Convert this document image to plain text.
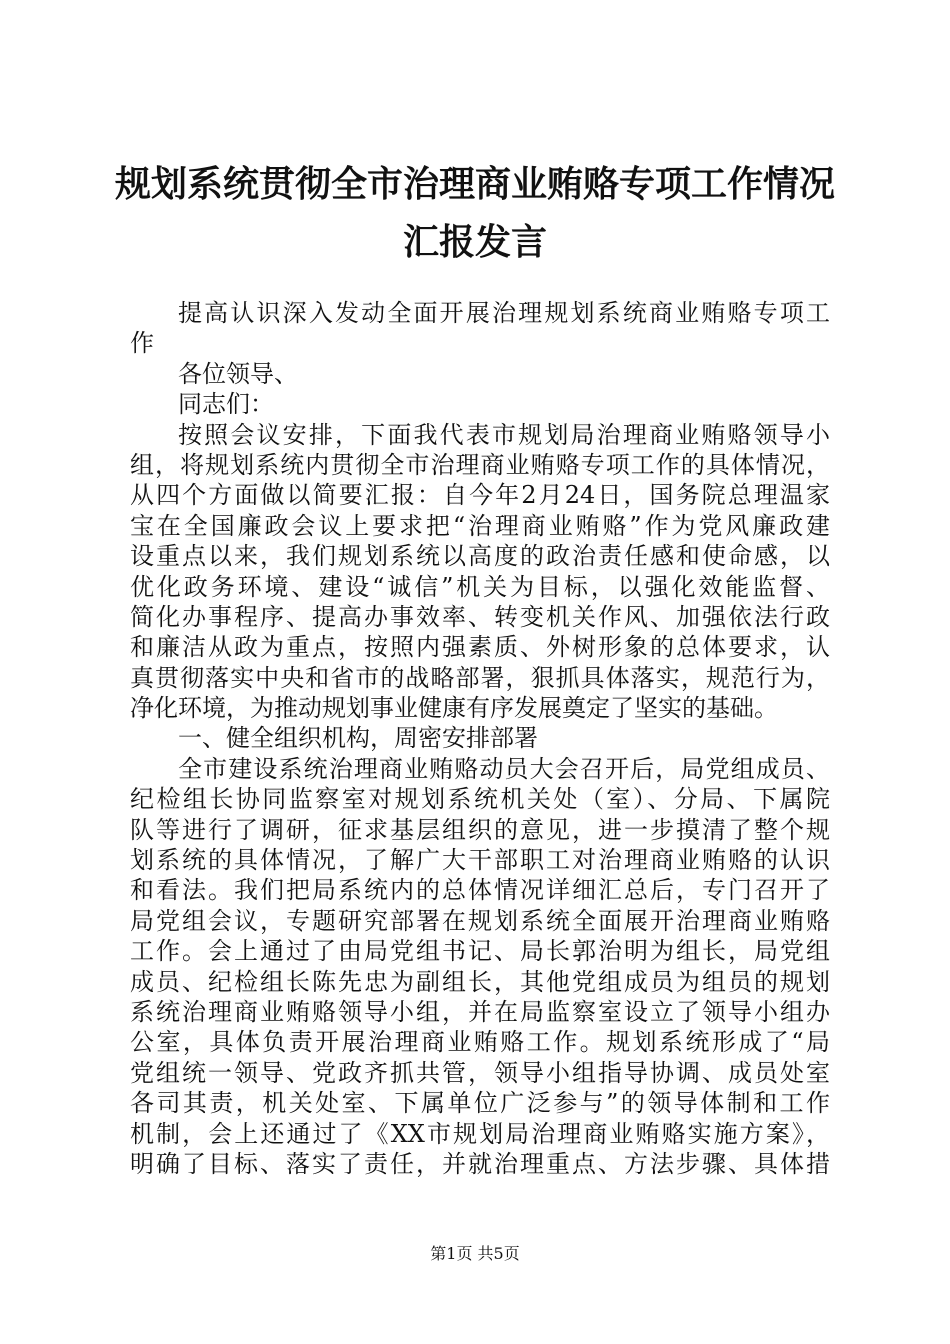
规划系统贯彻全市治理商业贿赂专项工作情况
汇报发言
提高认识深入发动全面开展治理规划系统商业贿赂专项工
作
各位领导、
同志们：
按照会议安排，下面我代表市规划局治理商业贿赂领导小
组，将规划系统内贯彻全市治理商业贿赂专项工作的具体情况，
从四个方面做以简要汇报：自今年2月24日，国务院总理温家
宝在全国廉政会议上要求把“治理商业贿赂”作为党风廉政建
设重点以来，我们规划系统以高度的政治责任感和使命感，以
优化政务环境、建设“诚信”机关为目标，以强化效能监督、
简化办事程序、提高办事效率、转变机关作风、加强依法行政
和廉洁从政为重点，按照内强素质、外树形象的总体要求，认
真贯彻落实中央和省市的战略部署，狠抓具体落实，规范行为，
净化环境，为推动规划事业健康有序发展奠定了坚实的基础。
一、健全组织机构，周密安排部署
全市建设系统治理商业贿赂动员大会召开后，局党组成员、
纪检组长协同监察室对规划系统机关处（室）、分局、下属院
队等进行了调研，征求基层组织的意见，进一步摸清了整个规
划系统的具体情况，了解广大干部职工对治理商业贿赂的认识
和看法。我们把局系统内的总体情况详细汇总后，专门召开了
局党组会议，专题研究部署在规划系统全面展开治理商业贿赂
工作。会上通过了由局党组书记、局长郭治明为组长，局党组
成员、纪检组长陈先忠为副组长，其他党组成员为组员的规划
系统治理商业贿赂领导小组，并在局监察室设立了领导小组办
公室，具体负责开展治理商业贿赂工作。规划系统形成了“局
党组统一领导、党政齐抓共管，领导小组指导协调、成员处室
各司其责，机关处室、下属单位广泛参与”的领导体制和工作
机制，会上还通过了《XX市规划局治理商业贿赂实施方案》，
明确了目标、落实了责任，并就治理重点、方法步骤、具体措
第1页 共5页
